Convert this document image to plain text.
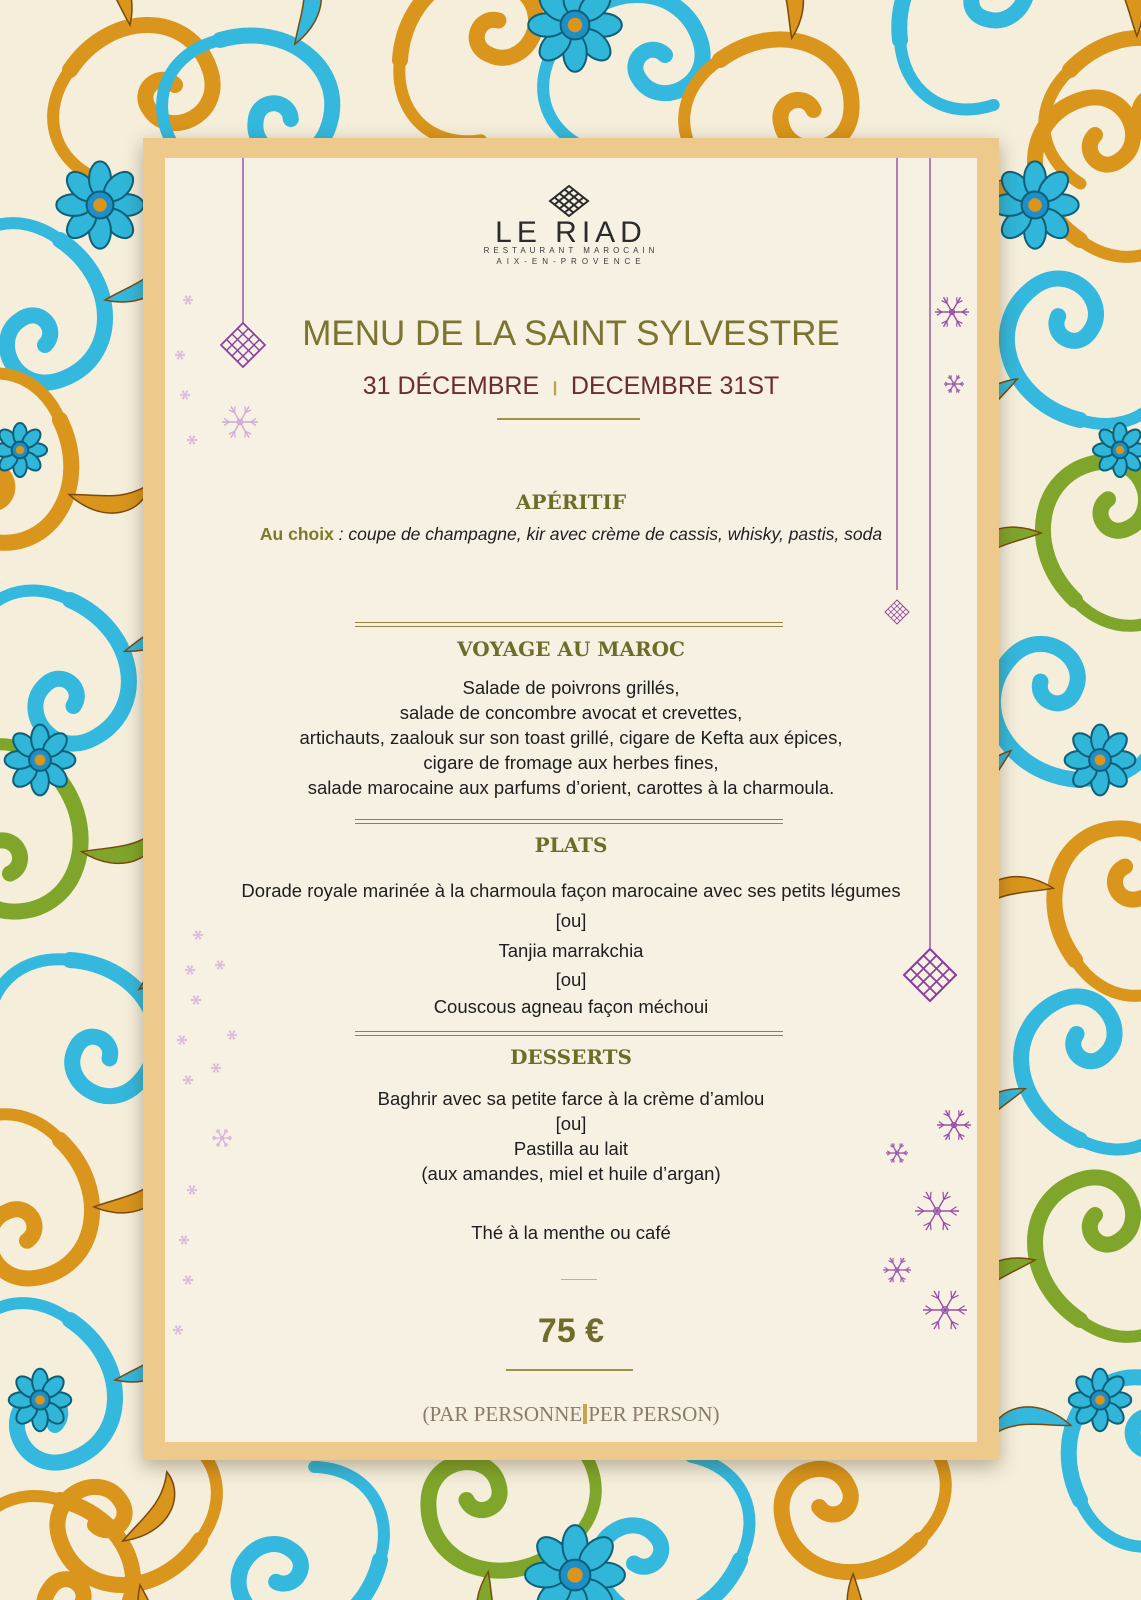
LE RIAD
RESTAURANT MAROCAIN
AIX-EN-PROVENCE
MENU DE LA SAINT SYLVESTRE
31 DÉCEMBRE ❙ DECEMBRE 31ST
APÉRITIF
Au choix : coupe de champagne, kir avec crème de cassis, whisky, pastis, soda
VOYAGE AU MAROC
Salade de poivrons grillés,
salade de concombre avocat et crevettes,
artichauts, zaalouk sur son toast grillé, cigare de Kefta aux épices,
cigare de fromage aux herbes fines,
salade marocaine aux parfums d’orient, carottes à la charmoula.
PLATS
Dorade royale marinée à la charmoula façon marocaine avec ses petits légumes
[ou]
Tanjia marrakchia
[ou]
Couscous agneau façon méchoui
DESSERTS
Baghrir avec sa petite farce à la crème d’amlou
[ou]
Pastilla au lait
(aux amandes, miel et huile d’argan)
Thé à la menthe ou café
75 €
(PAR PERSONNE PER PERSON)
